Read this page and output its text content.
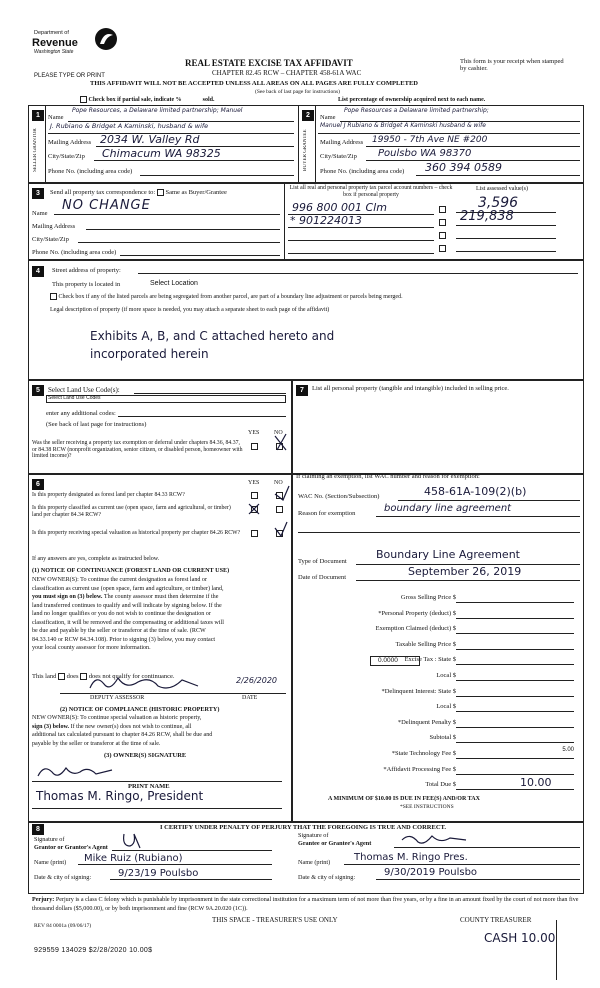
Department of
Revenue
Washington State
REAL ESTATE EXCISE TAX AFFIDAVIT
CHAPTER 82.45 RCW – CHAPTER 458-61A WAC
PLEASE TYPE OR PRINT
This form is your receipt when stamped by cashier.
THIS AFFIDAVIT WILL NOT BE ACCEPTED UNLESS ALL AREAS ON ALL PAGES ARE FULLY COMPLETED
(See back of last page for instructions)
Check box if partial sale, indicate %	sold.	List percentage of ownership acquired next to each name.
1
SELLER GRANTOR
Name
Pope Resources, a Delaware limited partnership; Manuel
J. Rubiano & Bridget A Kaminski, husband & wife
Mailing Address 2034 W. Valley Rd
City/State/Zip Chimacum WA 98325
Phone No. (including area code)
2
BUYER GRANTEE
Name
Pope Resources a Delaware limited partnership;
Manuel J Rubiano & Bridget A Kaminski husband & wife
Mailing Address 19950 - 7th Ave NE #200
City/State/Zip Poulsbo WA 98370
Phone No. (including area code) 360 394 0589
3	Send all property tax correspondence to: Same as Buyer/Grantee
Name
NO CHANGE
Mailing Address
City/State/Zip
Phone No. (including area code)
List all real and personal property tax parcel account numbers – check box if personal property
List assessed value(s)
996 800 001 Clm	3,596
* 901224013	219,838
4	Street address of property:
This property is located in	Select Location
Check box if any of the listed parcels are being segregated from another parcel, are part of a boundary line adjustment or parcels being merged.
Legal description of property (if more space is needed, you may attach a separate sheet to each page of the affidavit)
Exhibits A, B, and C attached hereto and
incorporated herein
5	Select Land Use Code(s):
Select Land Use Codes
enter any additional codes:
(See back of last page for instructions)
YES NO
Was the seller receiving a property tax exemption or deferral under chapters 84.36, 84.37, or 84.38 RCW (nonprofit organization, senior citizen, or disabled person, homeowner with limited income)?
7	List all personal property (tangible and intangible) included in selling price.
6	YES NO
Is this property designated as forest land per chapter 84.33 RCW?
Is this property classified as current use (open space, farm and agricultural, or timber) land per chapter 84.34 RCW?
Is this property receiving special valuation as historical property per chapter 84.26 RCW?
If any answers are yes, complete as instructed below.
(1) NOTICE OF CONTINUANCE (FOREST LAND OR CURRENT USE)
NEW OWNER(S): To continue the current designation as forest land or
classification as current use (open space, farm and agriculture, or timber) land,
you must sign on (3) below. The county assessor must then determine if the
land transferred continues to qualify and will indicate by signing below. If the
land no longer qualifies or you do not wish to continue the designation or
classification, it will be removed and the compensating or additional taxes will
be due and payable by the seller or transferor at the time of sale. (RCW
84.33.140 or RCW 84.34.108). Prior to signing (3) below, you may contact
your local county assessor for more information.
This land does does not qualify for continuance.	2/26/2020
DEPUTY ASSESSOR	DATE
(2) NOTICE OF COMPLIANCE (HISTORIC PROPERTY)
NEW OWNER(S): To continue special valuation as historic property,
sign (3) below. If the new owner(s) does not wish to continue, all
additional tax calculated pursuant to chapter 84.26 RCW, shall be due and
payable by the seller or transferor at the time of sale.
(3) OWNER(S) SIGNATURE
PRINT NAME
Thomas M. Ringo, President
If claiming an exemption, list WAC number and reason for exemption:
WAC No. (Section/Subsection)	458-61A-109(2)(b)
Reason for exemption	boundary line agreement
Type of Document
Boundary Line Agreement
Date of Document	September 26, 2019
Gross Selling Price $
*Personal Property (deduct) $
Exemption Claimed (deduct) $
Taxable Selling Price $
Excise Tax : State $
Local $
*Delinquent Interest: State $
Local $
*Delinquent Penalty $
Subtotal $
*State Technology Fee $	5.00
*Affidavit Processing Fee $
Total Due $	10.00
0.0000
A MINIMUM OF $10.00 IS DUE IN FEE(S) AND/OR TAX
*SEE INSTRUCTIONS
8	I CERTIFY UNDER PENALTY OF PERJURY THAT THE FOREGOING IS TRUE AND CORRECT.
Signature of
Grantor or Grantor's Agent
Name (print) Mike Ruiz (Rubiano)
Date & city of signing:	9/23/19 Poulsbo
Signature of
Grantee or Grantee's Agent
Name (print) Thomas M. Ringo Pres.
Date & city of signing:	9/30/2019 Poulsbo
Perjury: Perjury is a class C felony which is punishable by imprisonment in the state correctional institution for a maximum term of not more than five years, or by a fine in an amount fixed by the court of not more than five thousand dollars ($5,000.00), or by both imprisonment and fine (RCW 9A.20.020 (1C)).
REV 84 0001a (09/06/17)
THIS SPACE - TREASURER'S USE ONLY	COUNTY TREASURER
929559 134029 $2/28/2020 10.00$
CASH 10.00
